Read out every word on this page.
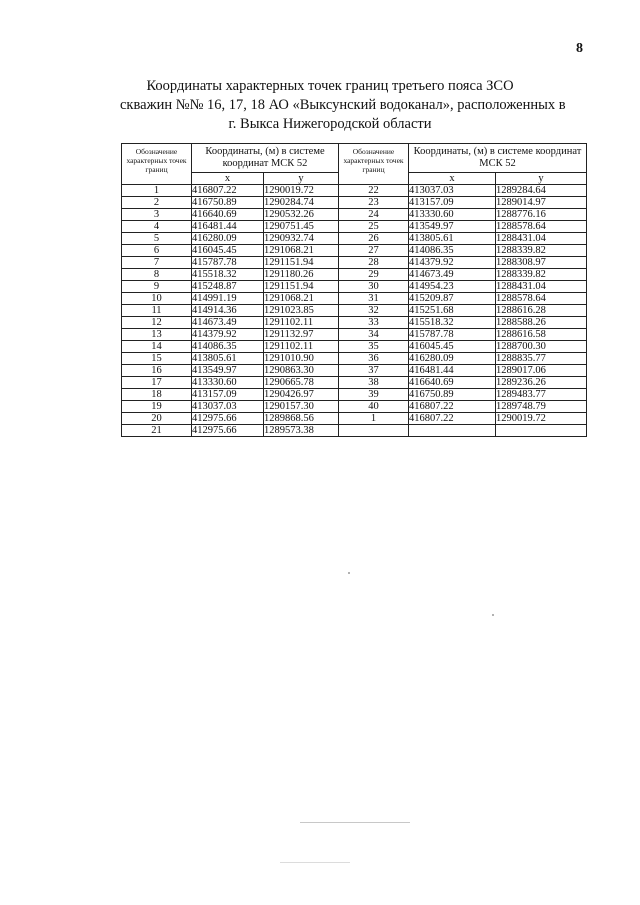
8
Координаты характерных точек границ третьего пояса ЗСО
скважин №№ 16, 17, 18 АО «Выксунский водоканал», расположенных в
г. Выкса Нижегородской области
Обозначение характерных точек границ	Координаты, (м) в системе координат МСК 52		Обозначение характерных точек границ	Координаты, (м) в системе координат МСК 52	
	x	y		x	y
1	416807.22	1290019.72	22	413037.03	1289284.64
2	416750.89	1290284.74	23	413157.09	1289014.97
3	416640.69	1290532.26	24	413330.60	1288776.16
4	416481.44	1290751.45	25	413549.97	1288578.64
5	416280.09	1290932.74	26	413805.61	1288431.04
6	416045.45	1291068.21	27	414086.35	1288339.82
7	415787.78	1291151.94	28	414379.92	1288308.97
8	415518.32	1291180.26	29	414673.49	1288339.82
9	415248.87	1291151.94	30	414954.23	1288431.04
10	414991.19	1291068.21	31	415209.87	1288578.64
11	414914.36	1291023.85	32	415251.68	1288616.28
12	414673.49	1291102.11	33	415518.32	1288588.26
13	414379.92	1291132.97	34	415787.78	1288616.58
14	414086.35	1291102.11	35	416045.45	1288700.30
15	413805.61	1291010.90	36	416280.09	1288835.77
16	413549.97	1290863.30	37	416481.44	1289017.06
17	413330.60	1290665.78	38	416640.69	1289236.26
18	413157.09	1290426.97	39	416750.89	1289483.77
19	413037.03	1290157.30	40	416807.22	1289748.79
20	412975.66	1289868.56	1	416807.22	1290019.72
21	412975.66	1289573.38			
